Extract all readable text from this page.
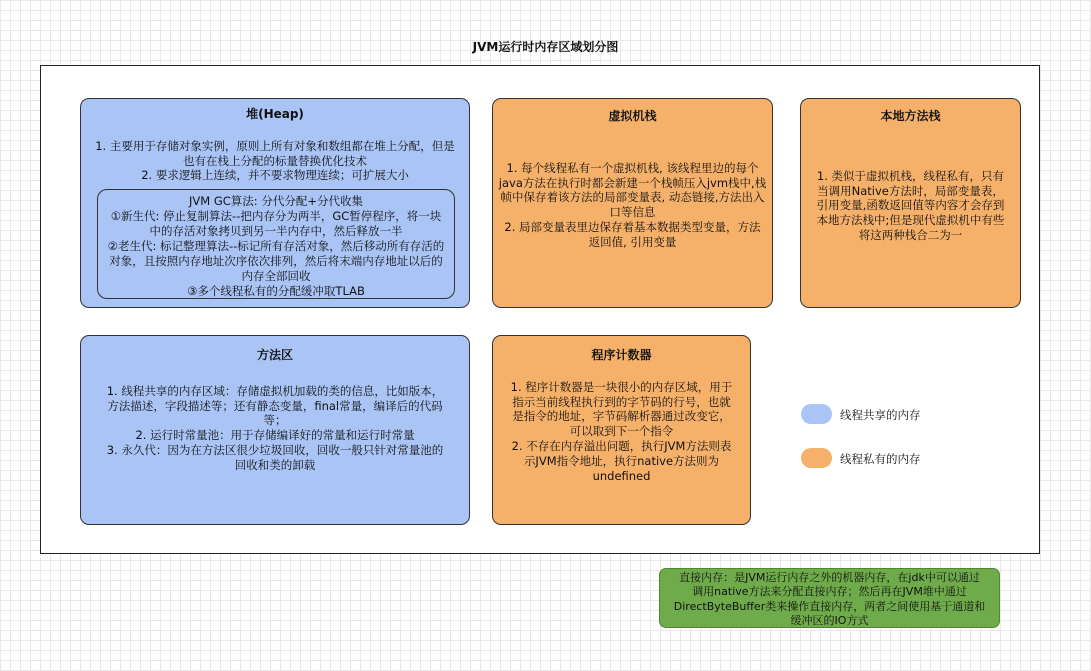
JVM运行时内存区域划分图
堆(Heap)
1. 主要用于存储对象实例，原则上所有对象和数组都在堆上分配，但是
也有在栈上分配的标量替换优化技术
2. 要求逻辑上连续，并不要求物理连续；可扩展大小
JVM GC算法: 分代分配+分代收集
①新生代: 停止复制算法--把内存分为两半，GC暂停程序，将一块
中的存活对象拷贝到另一半内存中，然后释放一半
②老生代: 标记整理算法--标记所有存活对象，然后移动所有存活的
对象，且按照内存地址次序依次排列，然后将末端内存地址以后的
内存全部回收
③多个线程私有的分配缓冲取TLAB
虚拟机栈
1. 每个线程私有一个虚拟机栈, 该线程里边的每个
java方法在执行时都会新建一个栈帧压入jvm栈中,栈
帧中保存着该方法的局部变量表, 动态链接,方法出入
口等信息
2. 局部变量表里边保存着基本数据类型变量，方法
返回值, 引用变量
本地方法栈
1. 类似于虚拟机栈，线程私有，只有
当调用Native方法时，局部变量表，
引用变量,函数返回值等内容才会存到
本地方法栈中;但是现代虚拟机中有些
将这两种栈合二为一
方法区
1. 线程共享的内存区域：存储虚拟机加载的类的信息，比如版本，
方法描述，字段描述等；还有静态变量，final常量，编译后的代码
等；
2. 运行时常量池：用于存储编译好的常量和运行时常量
3. 永久代：因为在方法区很少垃圾回收，回收一般只针对常量池的
回收和类的卸载
程序计数器
1. 程序计数器是一块很小的内存区域，用于
指示当前线程执行到的字节码的行号，也就
是指令的地址，字节码解析器通过改变它，
可以取到下一个指令
2. 不存在内存溢出问题，执行JVM方法则表
示JVM指令地址，执行native方法则为
undefined
线程共享的内存
线程私有的内存
直接内存：是JVM运行内存之外的机器内存，在jdk中可以通过
调用native方法来分配直接内存；然后再在JVM堆中通过
DirectByteBuffer类来操作直接内存，两者之间使用基于通道和
缓冲区的IO方式
